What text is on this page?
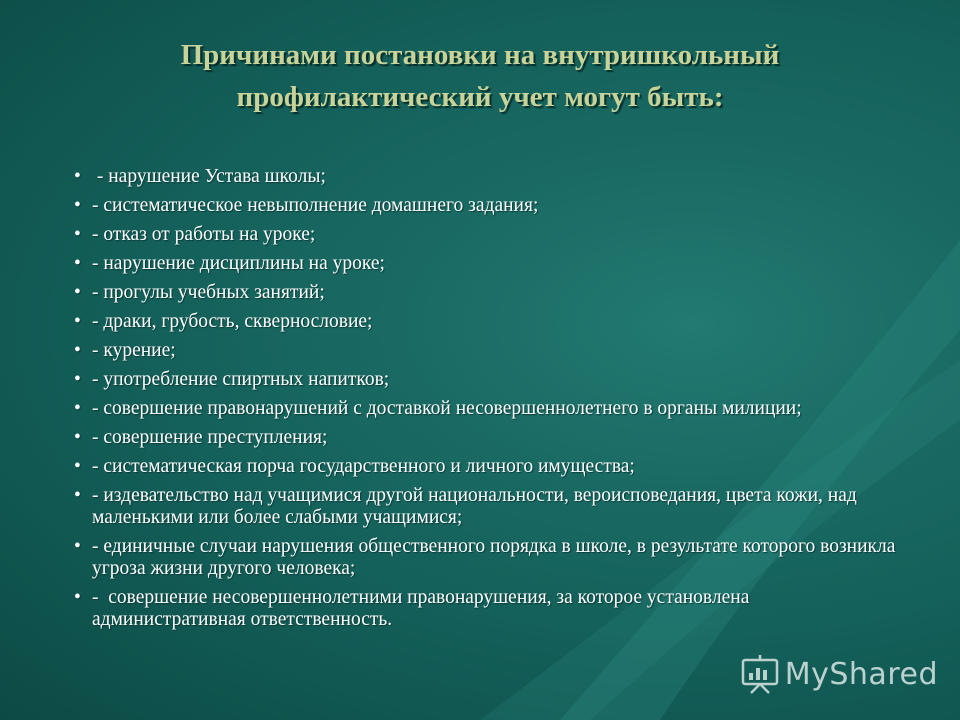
Причинами постановки на внутришкольный
профилактический учет могут быть:
• - нарушение Устава школы;
• - систематическое невыполнение домашнего задания;
• - отказ от работы на уроке;
• - нарушение дисциплины на уроке;
• - прогулы учебных занятий;
• - драки, грубость, сквернословие;
• - курение;
• - употребление спиртных напитков;
• - совершение правонарушений с доставкой несовершеннолетнего в органы милиции;
• - совершение преступления;
• - систематическая порча государственного и личного имущества;
• - издевательство над учащимися другой национальности, вероисповедания, цвета кожи, над маленькими или более слабыми учащимися;
• - единичные случаи нарушения общественного порядка в школе, в результате которого возникла угроза жизни другого человека;
• -  совершение несовершеннолетними правонарушения, за которое установлена административная ответственность.
MyShared
